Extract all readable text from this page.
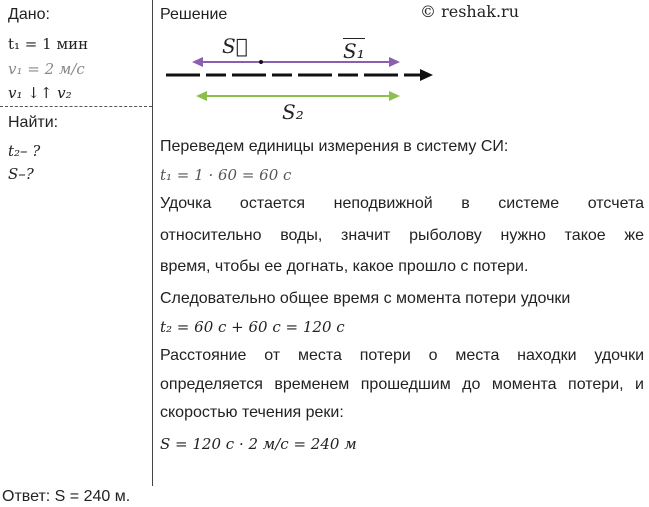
© reshak.ru
Дано:
t₁ = 1 мин
v₁ = 2 м/с
v₁ ↓↑ v₂
Найти:
t₂– ?
S–?
Решение
S⃗	S₁
S₂
Переведем единицы измерения в систему СИ:
t₁ = 1 · 60 = 60 с
Удочка остается неподвижной в системе отсчета
относительно воды, значит рыболову нужно такое же
время, чтобы ее догнать, какое прошло с потери.
Следовательно общее время с момента потери удочки
t₂ = 60 с + 60 с = 120 с
Расстояние от места потери о места находки удочки
определяется временем прошедшим до момента потери, и
скоростью течения реки:
S = 120 с · 2 м/с = 240 м
Ответ: S = 240 м.
